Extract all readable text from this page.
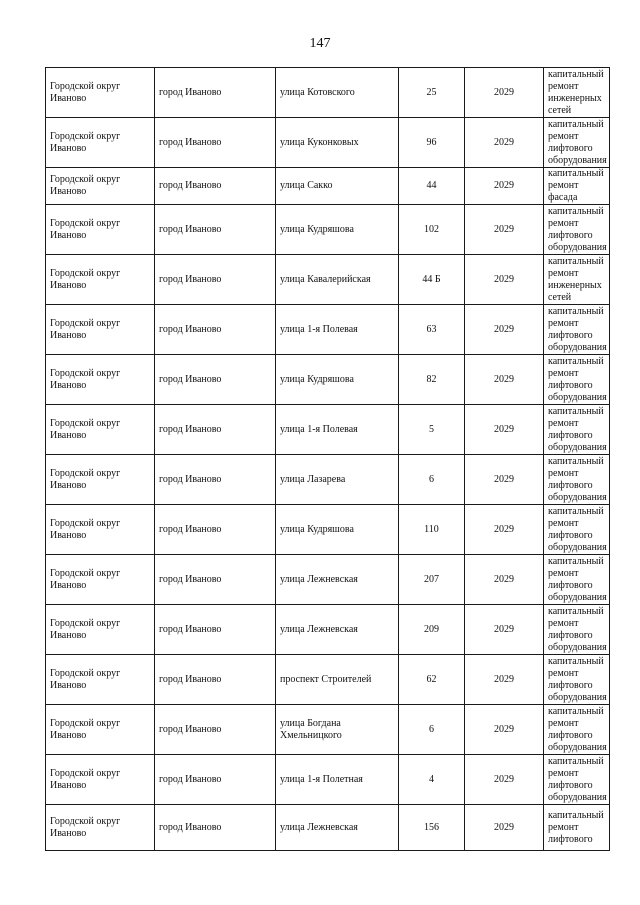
147
Городской округ Иваново	город Иваново	улица Котовского	25	2029	капитальный ремонт инженерных сетей

Городской округ Иваново	город Иваново	улица Куконковых	96	2029	капитальный ремонт лифтового оборудования

Городской округ Иваново	город Иваново	улица Сакко	44	2029	капитальный ремонт фасада

Городской округ Иваново	город Иваново	улица Кудряшова	102	2029	капитальный ремонт лифтового оборудования

Городской округ Иваново	город Иваново	улица Кавалерийская	44 Б	2029	капитальный ремонт инженерных сетей

Городской округ Иваново	город Иваново	улица 1-я Полевая	63	2029	капитальный ремонт лифтового оборудования

Городской округ Иваново	город Иваново	улица Кудряшова	82	2029	капитальный ремонт лифтового оборудования

Городской округ Иваново	город Иваново	улица 1-я Полевая	5	2029	капитальный ремонт лифтового оборудования

Городской округ Иваново	город Иваново	улица Лазарева	6	2029	капитальный ремонт лифтового оборудования

Городской округ Иваново	город Иваново	улица Кудряшова	110	2029	капитальный ремонт лифтового оборудования

Городской округ Иваново	город Иваново	улица Лежневская	207	2029	капитальный ремонт лифтового оборудования

Городской округ Иваново	город Иваново	улица Лежневская	209	2029	капитальный ремонт лифтового оборудования

Городской округ Иваново	город Иваново	проспект Строителей	62	2029	капитальный ремонт лифтового оборудования

Городской округ Иваново	город Иваново	улица Богдана Хмельницкого	6	2029	капитальный ремонт лифтового оборудования

Городской округ Иваново	город Иваново	улица 1-я Полетная	4	2029	капитальный ремонт лифтового оборудования

Городской округ Иваново	город Иваново	улица Лежневская	156	2029	капитальный ремонт лифтового
